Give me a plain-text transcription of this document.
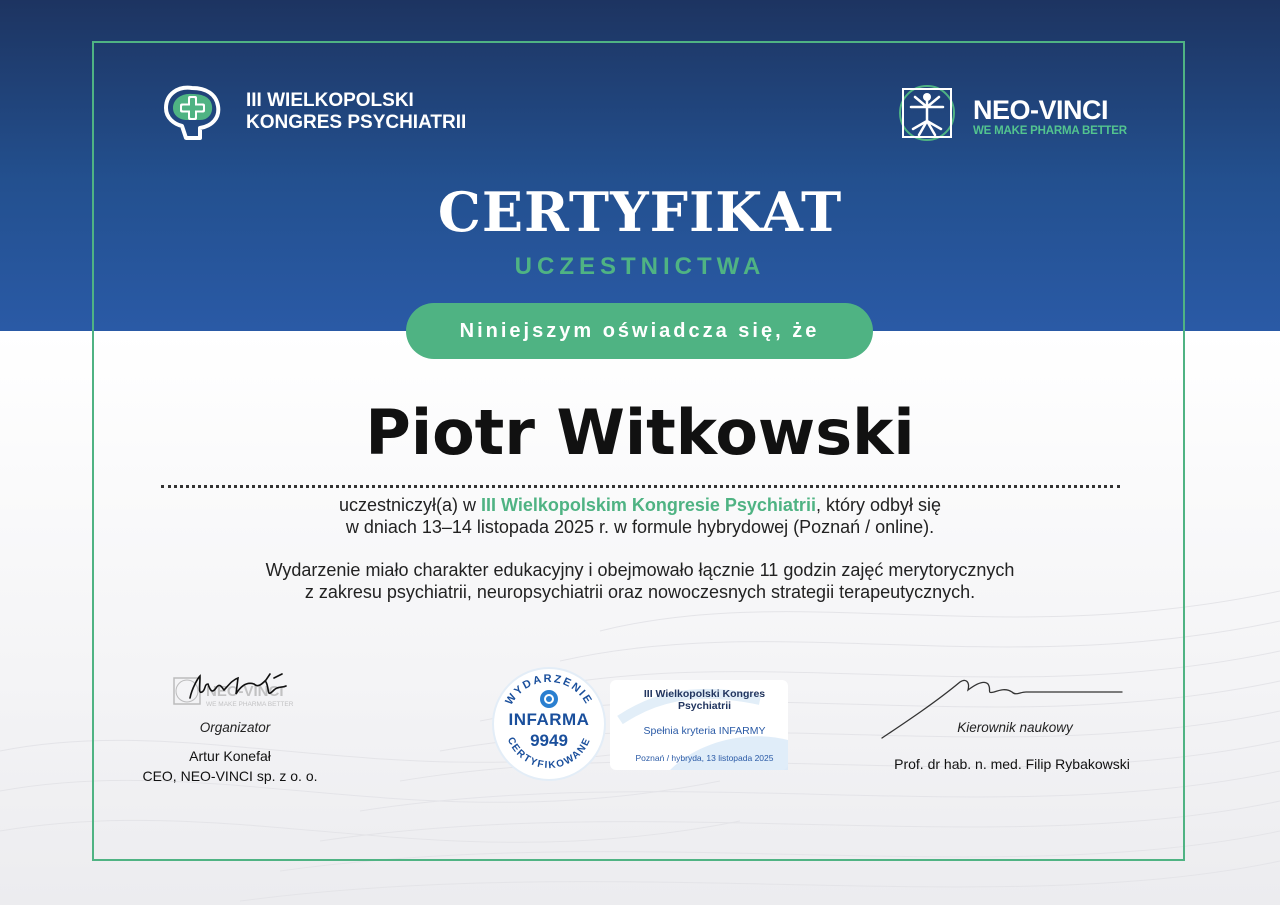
III WIELKOPOLSKI
KONGRES PSYCHIATRII	NEO-VINCI
WE MAKE PHARMA BETTER
CERTYFIKAT
UCZESTNICTWA
Niniejszym oświadcza się, że
Piotr Witkowski
uczestniczył(a) w III Wielkopolskim Kongresie Psychiatrii, który odbył się
w dniach 13–14 listopada 2025 r. w formule hybrydowej (Poznań / online).
Wydarzenie miało charakter edukacyjny i obejmowało łącznie 11 godzin zajęć merytorycznych
z zakresu psychiatrii, neuropsychiatrii oraz nowoczesnych strategii terapeutycznych.
NEO-VINCI
WE MAKE PHARMA BETTER
Organizator
Artur Konefał
CEO, NEO-VINCI sp. z o. o.
III Wielkopolski Kongres
Psychiatrii
Spełnia kryteria INFARMY
Poznań / hybryda, 13 listopada 2025
WYDARZENIE
CERTYFIKOWANE
INFARMA
9949
Kierownik naukowy
Prof. dr hab. n. med. Filip Rybakowski
